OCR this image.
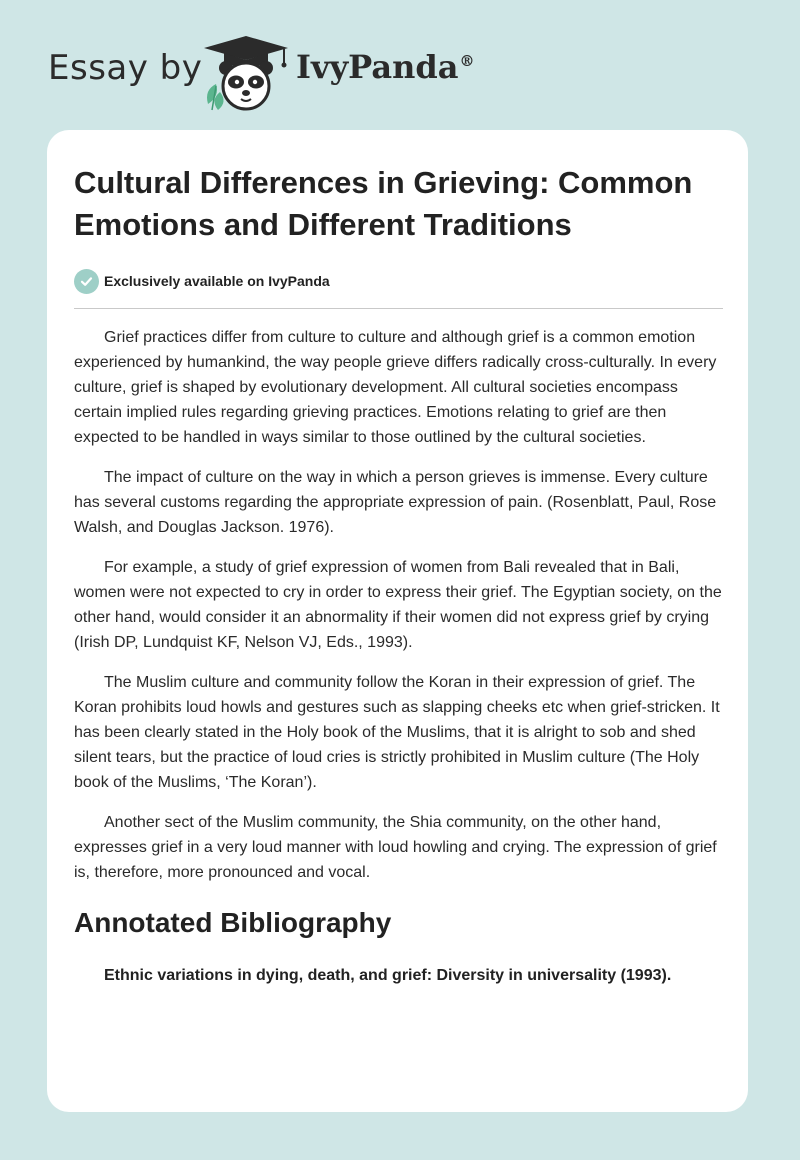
Essay by	IvyPanda®
Cultural Differences in Grieving: Common Emotions and Different Traditions
Exclusively available on IvyPanda

Grief practices differ from culture to culture and although grief is a common emotion experienced by humankind, the way people grieve differs radically cross-culturally. In every culture, grief is shaped by evolutionary development. All cultural societies encompass certain implied rules regarding grieving practices. Emotions relating to grief are then expected to be handled in ways similar to those outlined by the cultural societies.

The impact of culture on the way in which a person grieves is immense. Every culture has several customs regarding the appropriate expression of pain. (Rosenblatt, Paul, Rose Walsh, and Douglas Jackson. 1976).

For example, a study of grief expression of women from Bali revealed that in Bali, women were not expected to cry in order to express their grief. The Egyptian society, on the other hand, would consider it an abnormality if their women did not express grief by crying (Irish DP, Lundquist KF, Nelson VJ, Eds., 1993).

The Muslim culture and community follow the Koran in their expression of grief. The Koran prohibits loud howls and gestures such as slapping cheeks etc when grief-stricken. It has been clearly stated in the Holy book of the Muslims, that it is alright to sob and shed silent tears, but the practice of loud cries is strictly prohibited in Muslim culture (The Holy book of the Muslims, ‘The Koran’).

Another sect of the Muslim community, the Shia community, on the other hand, expresses grief in a very loud manner with loud howling and crying. The expression of grief is, therefore, more pronounced and vocal.

Annotated Bibliography

Ethnic variations in dying, death, and grief: Diversity in universality (1993).
